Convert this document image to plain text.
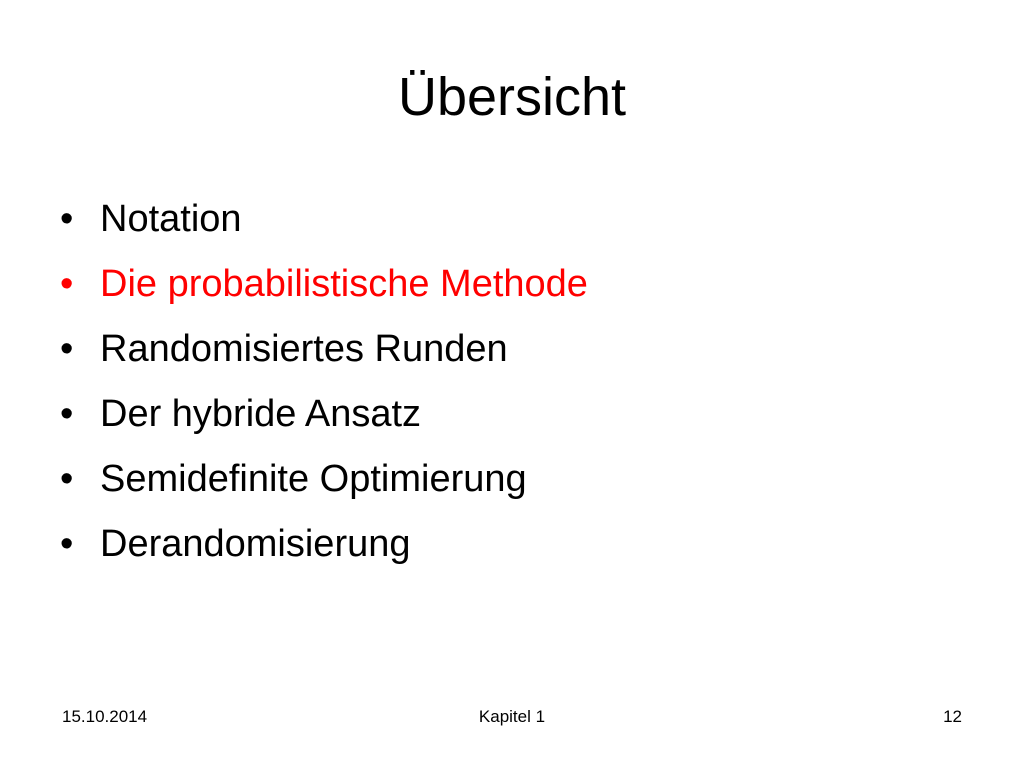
Übersicht
• Notation
• Die probabilistische Methode
• Randomisiertes Runden
• Der hybride Ansatz
• Semidefinite Optimierung
• Derandomisierung
15.10.2014	Kapitel 1	12
